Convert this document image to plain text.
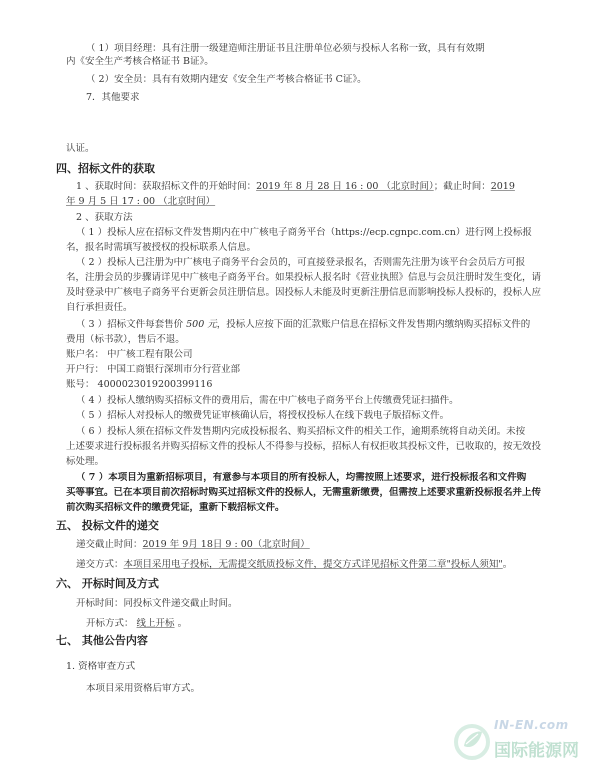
（ 1）项目经理：具有注册一级建造师注册证书且注册单位必须与投标人名称一致，具有有效期
内《安全生产考核合格证书 B证》。
（ 2）安全员：具有有效期内建安《安全生产考核合格证书 C证》。
7．其他要求
认证。
四、招标文件的获取
1 、获取时间：获取招标文件的开始时间：2019 年 8 月 28 日 16 : 00 （北京时间）；截止时间：2019
年 9 月 5 日 17 : 00 （北京时间）
2 、获取方法
（ 1 ）投标人应在招标文件发售期内在中广核电子商务平台（https://ecp.cgnpc.com.cn）进行网上投标报
名，报名时需填写被授权的投标联系人信息。
（ 2 ）投标人已注册为中广核电子商务平台会员的，可直接登录报名，否则需先注册为该平台会员后方可报
名，注册会员的步骤请详见中广核电子商务平台。如果投标人报名时《营业执照》信息与会员注册时发生变化，请
及时登录中广核电子商务平台更新会员注册信息。因投标人未能及时更新注册信息而影响投标人投标的，投标人应
自行承担责任。
（ 3 ）招标文件每套售价 500 元，投标人应按下面的汇款账户信息在招标文件发售期内缴纳购买招标文件的
费用（标书款），售后不退。
账户名： 中广核工程有限公司
开户行： 中国工商银行深圳市分行营业部
账号： 4000023019200399116
（ 4 ）投标人缴纳购买招标文件的费用后，需在中广核电子商务平台上传缴费凭证扫描件。
（ 5 ）招标人对投标人的缴费凭证审核确认后，将授权投标人在线下载电子版招标文件。
（ 6 ）投标人须在招标文件发售期内完成投标报名、购买招标文件的相关工作，逾期系统将自动关闭。未按
上述要求进行投标报名并购买招标文件的投标人不得参与投标，招标人有权拒收其投标文件，已收取的，按无效投
标处理。
（ 7 ）本项目为重新招标项目，有意参与本项目的所有投标人，均需按照上述要求，进行投标报名和文件购
买等事宜。已在本项目前次招标时购买过招标文件的投标人，无需重新缴费，但需按上述要求重新投标报名并上传
前次购买招标文件的缴费凭证，重新下载招标文件。
五、 投标文件的递交
递交截止时间：2019 年 9月 18日 9 : 00（北京时间）
递交方式：本项目采用电子投标，无需提交纸质投标文件，提交方式详见招标文件第二章"投标人须知"。
六、 开标时间及方式
开标时间：同投标文件递交截止时间。
开标方式： 线上开标 。
七、 其他公告内容
1. 资格审查方式
本项目采用资格后审方式。
IN-EN.com
国际能源网
